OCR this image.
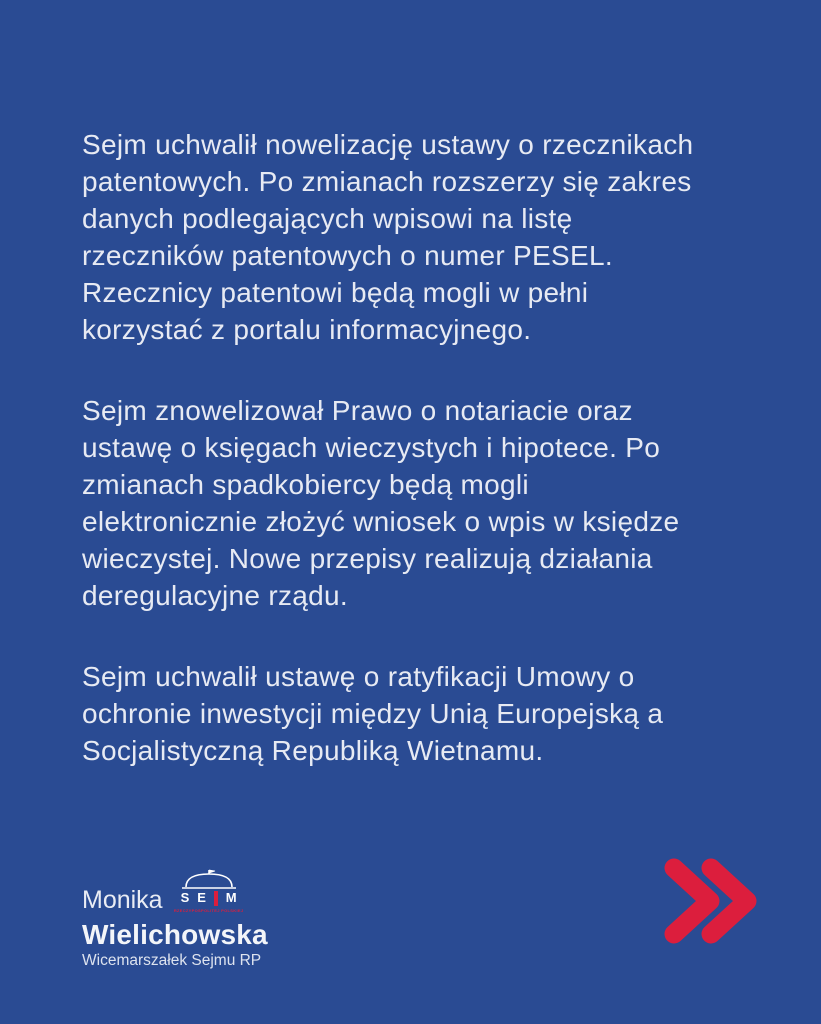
Sejm uchwalił nowelizację ustawy o rzecznikach
patentowych. Po zmianach rozszerzy się zakres
danych podlegających wpisowi na listę
rzeczników patentowych o numer PESEL.
Rzecznicy patentowi będą mogli w pełni
korzystać z portalu informacyjnego.
Sejm znowelizował Prawo o notariacie oraz
ustawę o księgach wieczystych i hipotece. Po
zmianach spadkobiercy będą mogli
elektronicznie złożyć wniosek o wpis w księdze
wieczystej. Nowe przepisy realizują działania
deregulacyjne rządu.
Sejm uchwalił ustawę o ratyfikacji Umowy o
ochronie inwestycji między Unią Europejską a
Socjalistyczną Republiką Wietnamu.
Monika S E M
RZECZYPOSPOLITEJ POLSKIEJ
Wielichowska
Wicemarszałek Sejmu RP
